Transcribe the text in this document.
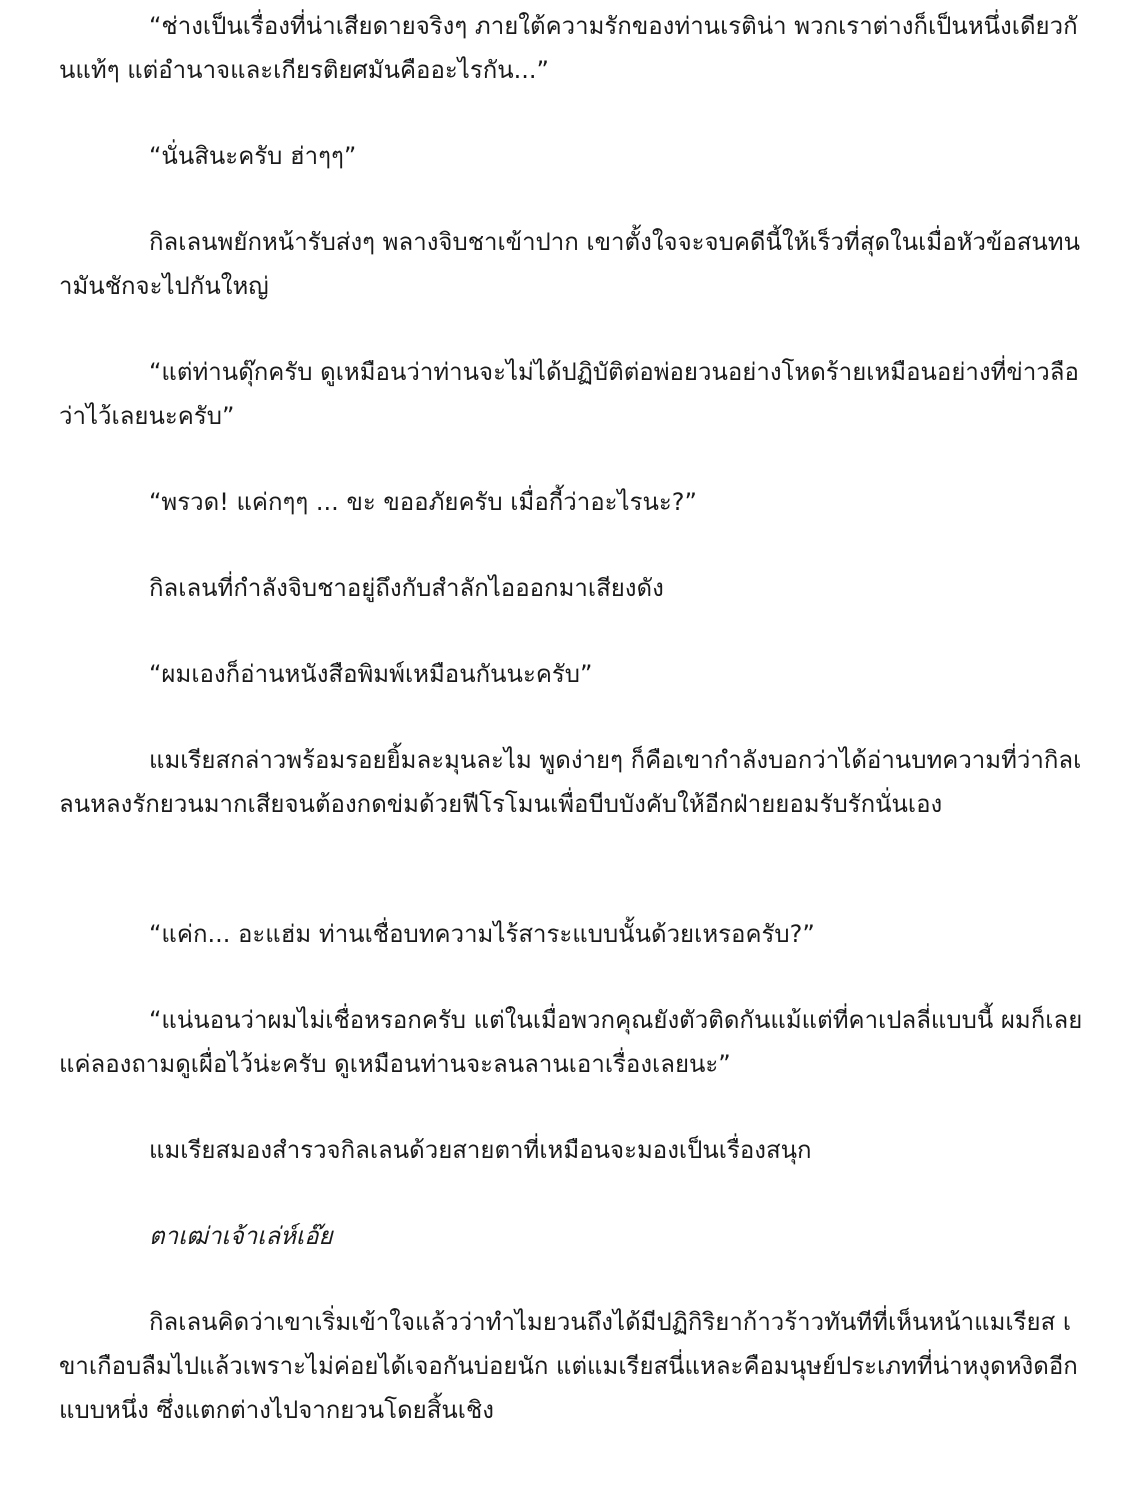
“ช่างเป็นเรื่องที่น่าเสียดายจริงๆ ภายใต้ความรักของท่านเรติน่า พวกเราต่างก็เป็นหนึ่งเดียวกันแท้ๆ แต่อำนาจและเกียรติยศมันคืออะไรกัน...”

“นั่นสินะครับ ฮ่าๆๆ”

กิลเลนพยักหน้ารับส่งๆ พลางจิบชาเข้าปาก เขาตั้งใจจะจบคดีนี้ให้เร็วที่สุดในเมื่อหัวข้อสนทนามันชักจะไปกันใหญ่

“แต่ท่านดุ๊กครับ ดูเหมือนว่าท่านจะไม่ได้ปฏิบัติต่อพ่อยวนอย่างโหดร้ายเหมือนอย่างที่ข่าวลือว่าไว้เลยนะครับ”

“พรวด! แค่กๆๆ ... ขะ ขออภัยครับ เมื่อกี้ว่าอะไรนะ?”

กิลเลนที่กำลังจิบชาอยู่ถึงกับสำลักไอออกมาเสียงดัง

“ผมเองก็อ่านหนังสือพิมพ์เหมือนกันนะครับ”

แมเรียสกล่าวพร้อมรอยยิ้มละมุนละไม พูดง่ายๆ ก็คือเขากำลังบอกว่าได้อ่านบทความที่ว่ากิลเลนหลงรักยวนมากเสียจนต้องกดข่มด้วยฟีโรโมนเพื่อบีบบังคับให้อีกฝ่ายยอมรับรักนั่นเอง

“แค่ก... อะแฮ่ม ท่านเชื่อบทความไร้สาระแบบนั้นด้วยเหรอครับ?”

“แน่นอนว่าผมไม่เชื่อหรอกครับ แต่ในเมื่อพวกคุณยังตัวติดกันแม้แต่ที่คาเปลลี่แบบนี้ ผมก็เลยแค่ลองถามดูเผื่อไว้น่ะครับ ดูเหมือนท่านจะลนลานเอาเรื่องเลยนะ”

แมเรียสมองสำรวจกิลเลนด้วยสายตาที่เหมือนจะมองเป็นเรื่องสนุก

ตาเฒ่าเจ้าเล่ห์เอ๊ย

กิลเลนคิดว่าเขาเริ่มเข้าใจแล้วว่าทำไมยวนถึงได้มีปฏิกิริยาก้าวร้าวทันทีที่เห็นหน้าแมเรียส เขาเกือบลืมไปแล้วเพราะไม่ค่อยได้เจอกันบ่อยนัก แต่แมเรียสนี่แหละคือมนุษย์ประเภทที่น่าหงุดหงิดอีกแบบหนึ่ง ซึ่งแตกต่างไปจากยวนโดยสิ้นเชิง
